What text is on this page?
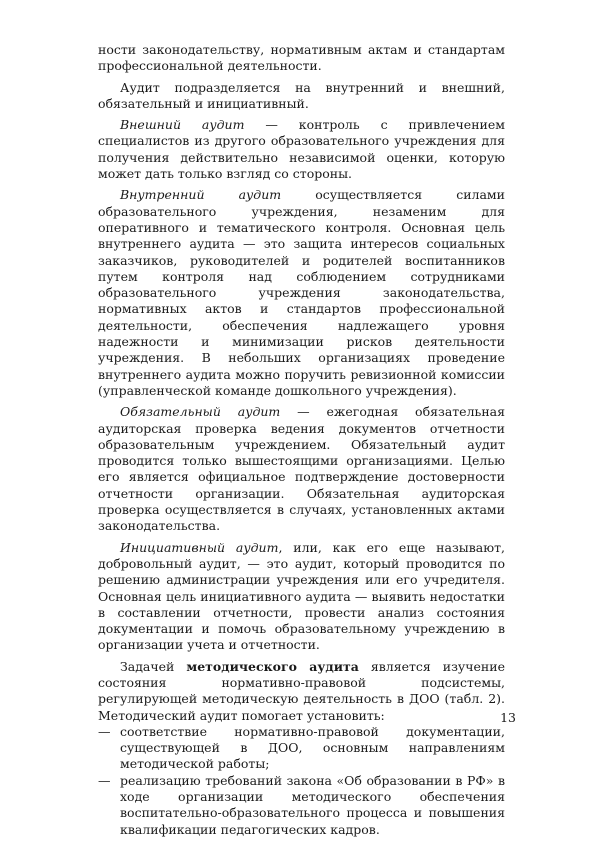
ности законодательству, нормативным актам и стандартам профессиональной деятельности.

Аудит подразделяется на внутренний и внешний, обязательный и инициативный.

Внешний аудит — контроль с привлечением специалистов из другого образовательного учреждения для получения действительно независимой оценки, которую может дать только взгляд со стороны.

Внутренний аудит осуществляется силами образовательного учреждения, незаменим для оперативного и тематического контроля. Основная цель внутреннего аудита — это защита интересов социальных заказчиков, руководителей и родителей воспитанников путем контроля над соблюдением сотрудниками образовательного учреждения законодательства, нормативных актов и стандартов профессиональной деятельности, обеспечения надлежащего уровня надежности и минимизации рисков деятельности учреждения. В небольших организациях проведение внутреннего аудита можно поручить ревизионной комиссии (управленческой команде дошкольного учреждения).

Обязательный аудит — ежегодная обязательная аудиторская проверка ведения документов отчетности образовательным учреждением. Обязательный аудит проводится только вышестоящими организациями. Целью его является официальное подтверждение достоверности отчетности организации. Обязательная аудиторская проверка осуществляется в случаях, установленных актами законодательства.

Инициативный аудит, или, как его еще называют, добровольный аудит, — это аудит, который проводится по решению администрации учреждения или его учредителя. Основная цель инициативного аудита — выявить недостатки в составлении отчетности, провести анализ состояния документации и помочь образовательному учреждению в организации учета и отчетности.

Задачей методического аудита является изучение состояния нормативно-правовой подсистемы, регулирующей методическую деятельность в ДОО (табл. 2). Методический аудит помогает установить:

— соответствие нормативно-правовой документации, существующей в ДОО, основным направлениям методической работы;
— реализацию требований закона «Об образовании в РФ» в ходе организации методического обеспечения воспитательно-образовательного процесса и повышения квалификации педагогических кадров.
13
